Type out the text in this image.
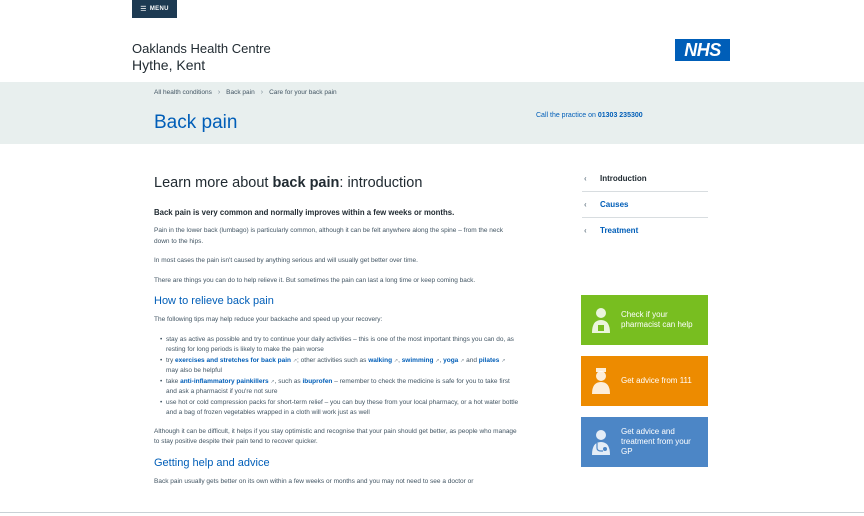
☰ MENU
Oaklands Health Centre
Hythe, Kent
NHS
All health conditions › Back pain › Care for your back pain
Back pain	Call the practice on 01303 235300
Learn more about back pain: introduction

Back pain is very common and normally improves within a few weeks or months.

Pain in the lower back (lumbago) is particularly common, although it can be felt anywhere along the spine – from the neck down to the hips.

In most cases the pain isn't caused by anything serious and will usually get better over time.

There are things you can do to help relieve it. But sometimes the pain can last a long time or keep coming back.

How to relieve back pain

The following tips may help reduce your backache and speed up your recovery:

• stay as active as possible and try to continue your daily activities – this is one of the most important things you can do, as resting for long periods is likely to make the pain worse
• try exercises and stretches for back pain ↗; other activities such as walking ↗, swimming ↗, yoga ↗ and pilates ↗ may also be helpful
• take anti-inflammatory painkillers ↗, such as ibuprofen – remember to check the medicine is safe for you to take first and ask a pharmacist if you're not sure
• use hot or cold compression packs for short-term relief – you can buy these from your local pharmacy, or a hot water bottle and a bag of frozen vegetables wrapped in a cloth will work just as well

Although it can be difficult, it helps if you stay optimistic and recognise that your pain should get better, as people who manage to stay positive despite their pain tend to recover quicker.

Getting help and advice

Back pain usually gets better on its own within a few weeks or months and you may not need to see a doctor or

‹	Introduction
‹	Causes
‹	Treatment
Check if your pharmacist can help
Get advice from 111
Get advice and treatment from your GP
